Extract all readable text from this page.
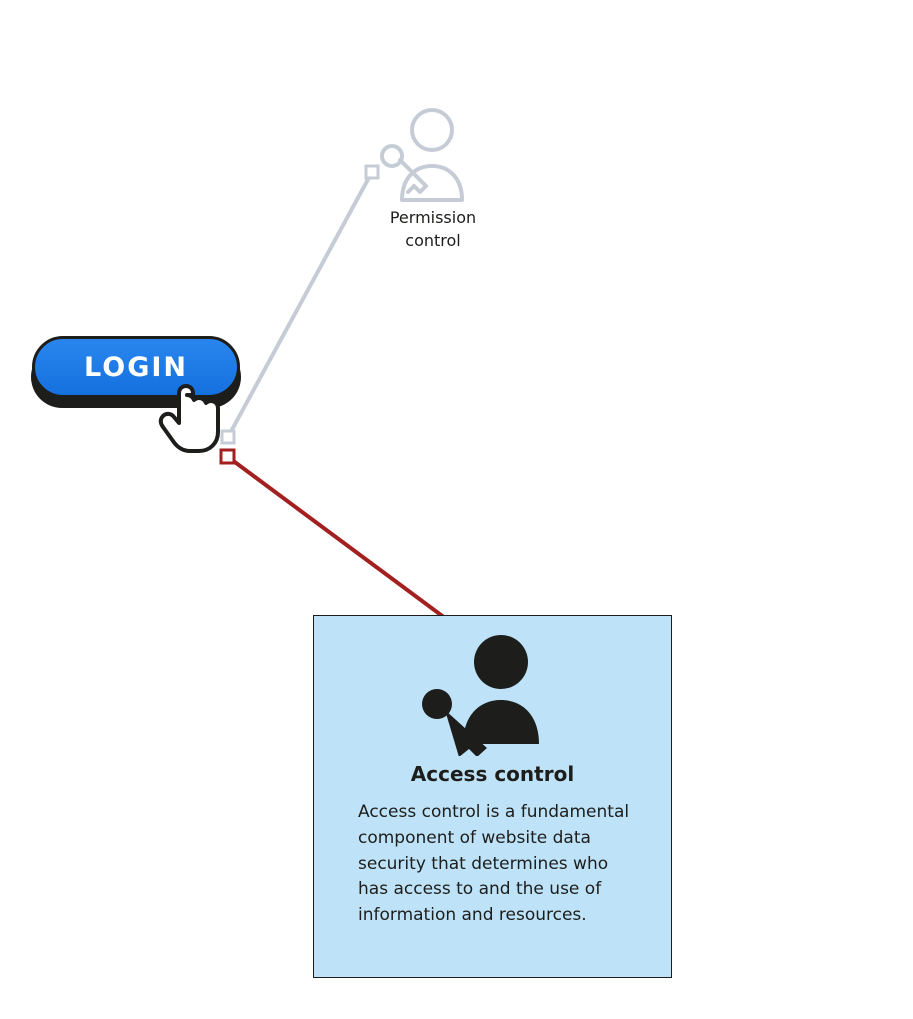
LOGIN
Permission
control
Access control
Access control is a fundamental component of website data security that determines who has access to and the use of information and resources.
